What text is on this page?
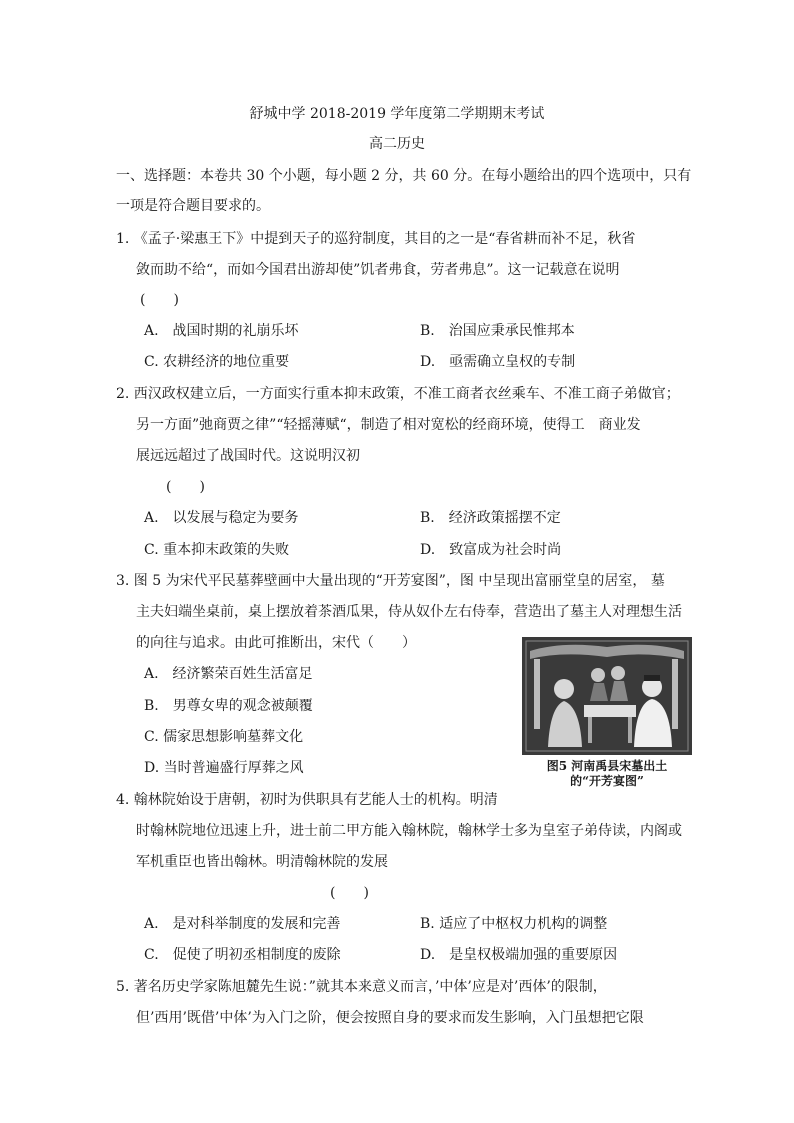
舒城中学 2018-2019 学年度第二学期期末考试
高二历史
一、选择题：本卷共 30 个小题，每小题 2 分，共 60 分。在每小题给出的四个选项中，只有
一项是符合题目要求的。
1. 《孟子·梁惠王下》中提到天子的巡狩制度，其目的之一是“春省耕而补不足，秋省
敛而助不给“，而如今国君出游却使”饥者弗食，劳者弗息”。这一记载意在说明
(　　)
A.　战国时期的礼崩乐坏	B.　治国应秉承民惟邦本
C. 农耕经济的地位重要	D.　亟需确立皇权的专制
2. 西汉政权建立后，一方面实行重本抑末政策，不准工商者衣丝乘车、不准工商子弟做官；
另一方面”弛商贾之律”“轻摇薄赋“，制造了相对宽松的经商环境，使得工　商业发
展远远超过了战国时代。这说明汉初
(　　)
A.　以发展与稳定为要务	B.　经济政策摇摆不定
C. 重本抑末政策的失败	D.　致富成为社会时尚
3. 图 5 为宋代平民墓葬壁画中大量出现的“开芳宴图”，图 中呈现出富丽堂皇的居室， 墓
主夫妇端坐桌前，桌上摆放着茶酒瓜果，侍从奴仆左右侍奉，营造出了墓主人对理想生活
的向往与追求。由此可推断出，宋代（　　）
A.　经济繁荣百姓生活富足
B.　男尊女卑的观念被颠覆
C. 儒家思想影响墓葬文化
D. 当时普遍盛行厚葬之风	图5 河南禹县宋墓出土
的“开芳宴图”
4. 翰林院始设于唐朝，初时为供职具有艺能人士的机构。明清
时翰林院地位迅速上升，进士前二甲方能入翰林院，翰林学士多为皇室子弟侍读，内阁或
军机重臣也皆出翰林。明清翰林院的发展
(　　)
A.　是对科举制度的发展和完善	B. 适应了中枢权力机构的调整
C.　促使了明初丞相制度的废除	D.　是皇权极端加强的重要原因
5. 著名历史学家陈旭麓先生说：”就其本来意义而言，’中体’应是对’西体’的限制，
但’西用’既借’中体’为入门之阶，便会按照自身的要求而发生影响，入门虽想把它限
